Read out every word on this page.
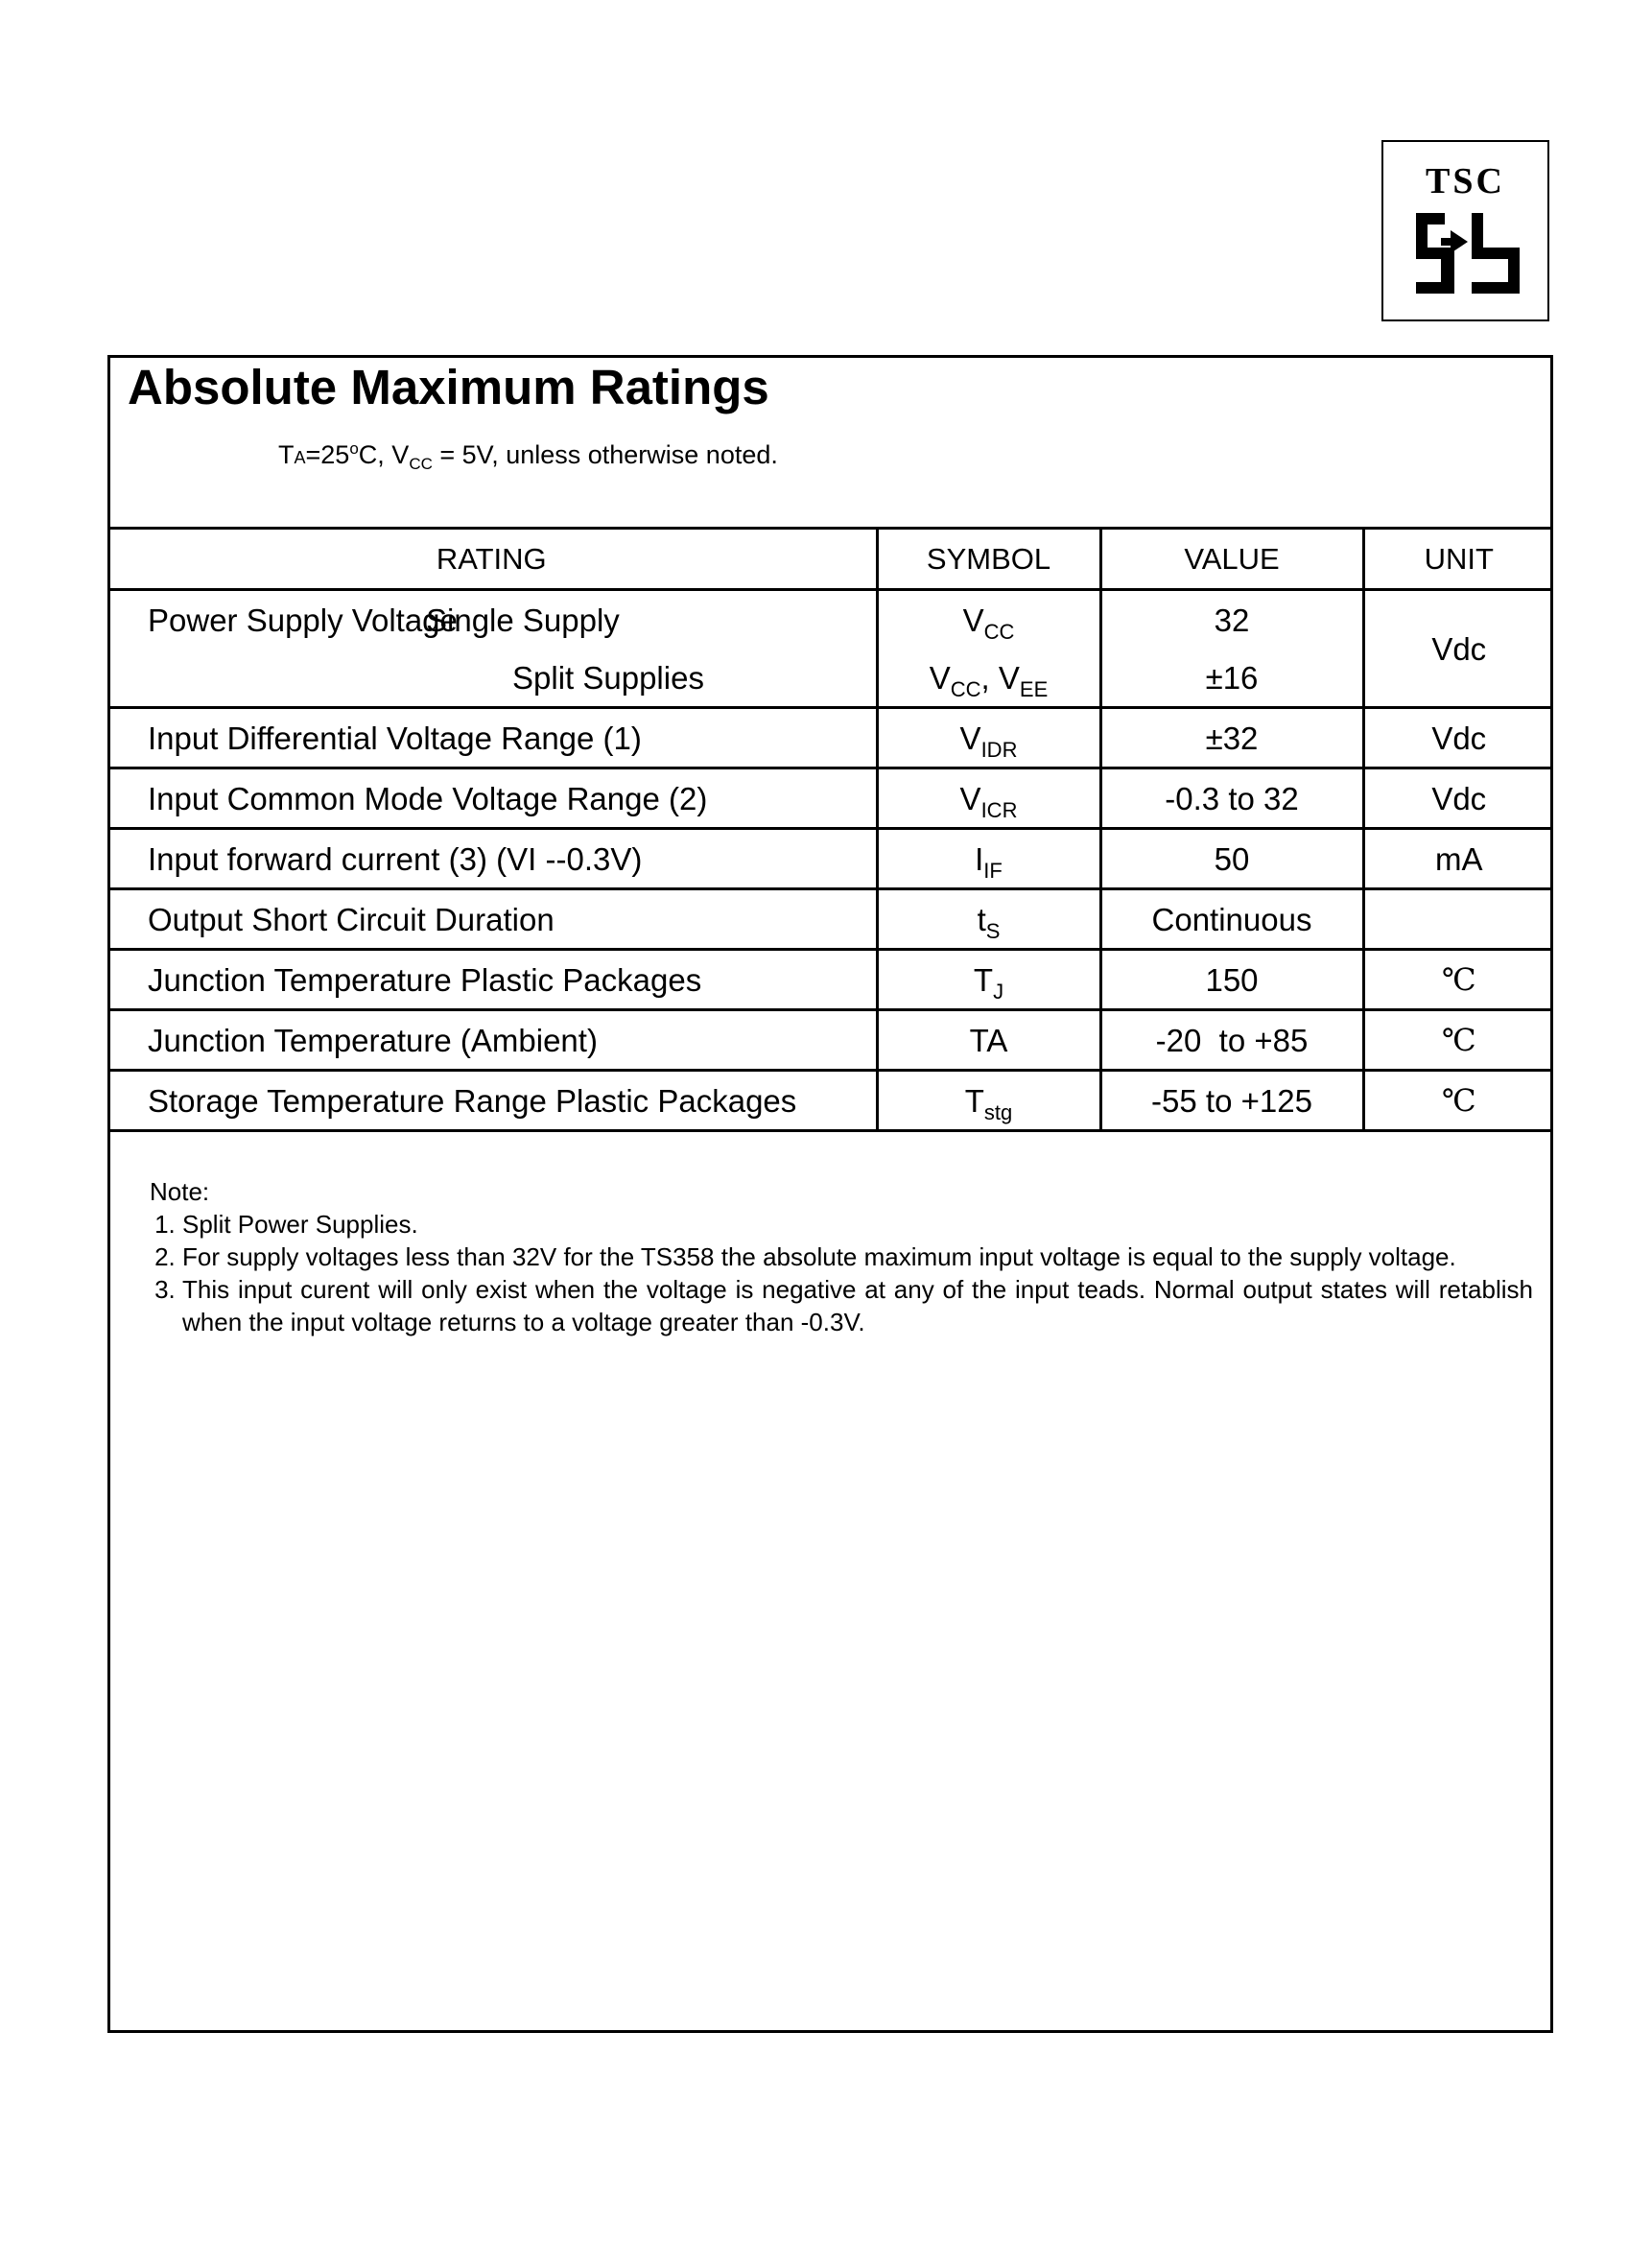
TSC
Absolute Maximum Ratings
$TA=25^oC$, $V_{CC} = 5V$, unless otherwise noted.
RATING	SYMBOL	VALUE	UNIT
Power Supply VoltageSingle Supply	$V_{CC}$	32	Vdc
Split Supplies	$V_{CC}$, $V_{EE}$	±16	
Input Differential Voltage Range (1)	$V_{IDR}$	±32	Vdc
Input Common Mode Voltage Range (2)	$V_{ICR}$	-0.3 to 32	Vdc
Input forward current (3) (VI --0.3V)	$I_{IF}$	50	mA
Output Short Circuit Duration	$t_S$	Continuous	
Junction Temperature Plastic Packages	$T_J$	150	℃
Junction Temperature (Ambient)	TA	-20  to +85	℃
Storage Temperature Range Plastic Packages	$T_{stg}$	-55 to +125	℃
Note:
1. Split Power Supplies.
2. For supply voltages less than 32V for the TS358 the absolute maximum input voltage is equal to the supply voltage.
3. This input curent will only exist when the voltage is negative at any of the input teads. Normal output states will retablish when the input voltage returns to a voltage greater than -0.3V.
